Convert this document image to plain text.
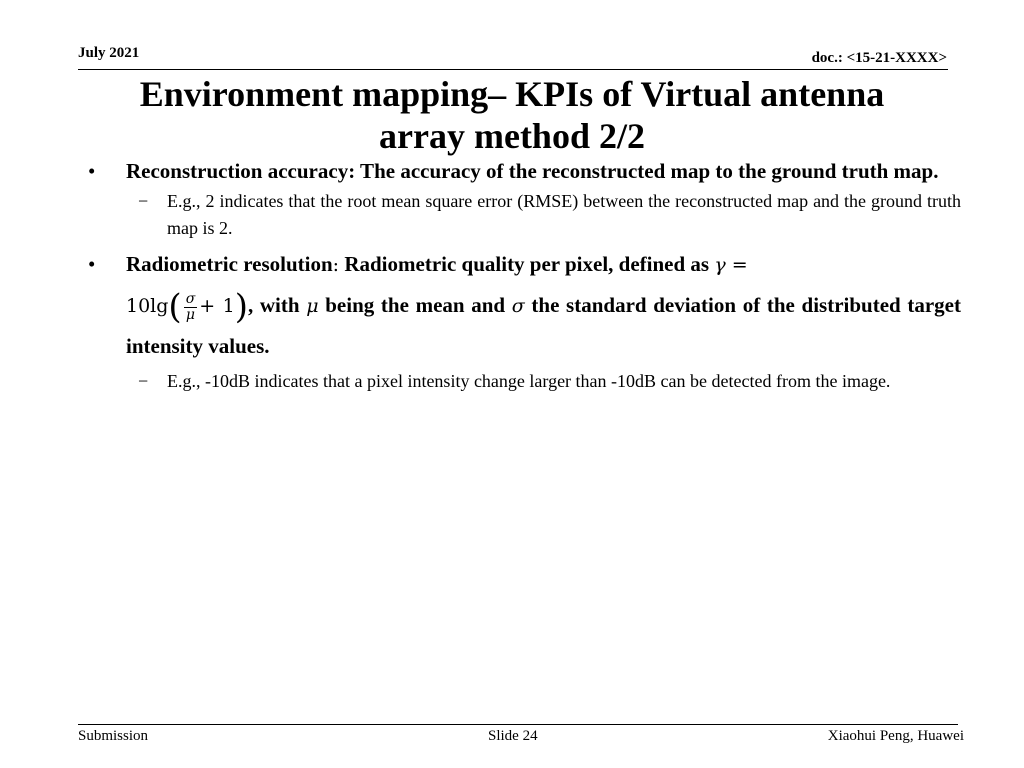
July 2021	doc.: <15-21-XXXX>
Environment mapping– KPIs of Virtual antenna
array method 2/2
• Reconstruction accuracy: The accuracy of the reconstructed map to the ground truth map.
− E.g., 2 indicates that the root mean square error (RMSE) between the reconstructed map and the ground truth map is 2.
• Radiometric resolution: Radiometric quality per pixel, defined as γ =
$10\lg( \frac{\sigma}{\mu} + 1)$, with μ being the mean and σ the standard deviation of the distributed target intensity values.
− E.g., -10dB indicates that a pixel intensity change larger than -10dB can be detected from the image.
Submission	Slide 24	Xiaohui Peng, Huawei
